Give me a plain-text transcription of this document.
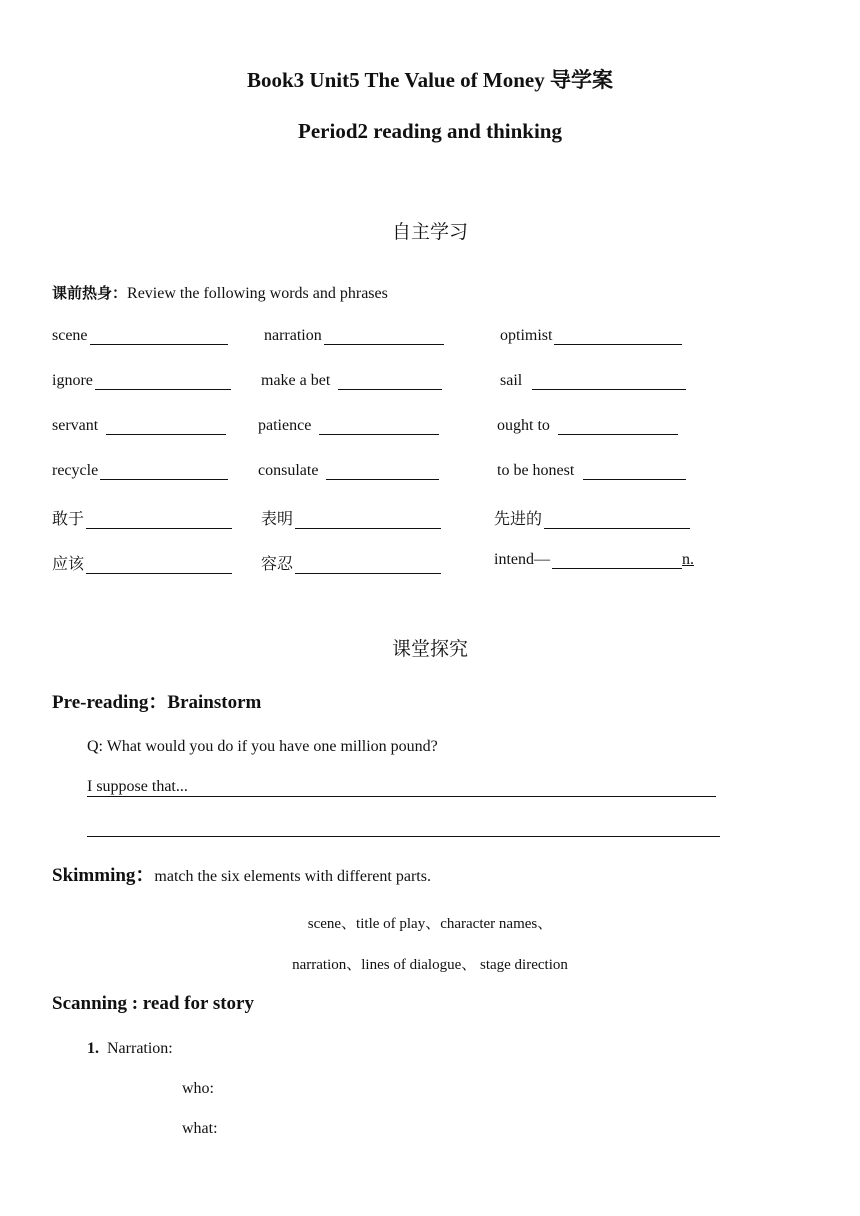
Book3 Unit5 The Value of Money 导学案
Period2 reading and thinking
自主学习
课前热身：Review the following words and phrases
scene	narration	optimist
ignore	make a bet	sail
servant	patience	ought to
recycle	consulate	to be honest
敢于	表明	先进的
应该	容忍	intend—	n.
课堂探究
Pre-reading：Brainstorm
Q: What would you do if you have one million pound?
I suppose that...
Skimming：match the six elements with different parts.
scene、title of play、character names、
narration、lines of dialogue、 stage direction
Scanning : read for story
1. Narration:
who:
what:
